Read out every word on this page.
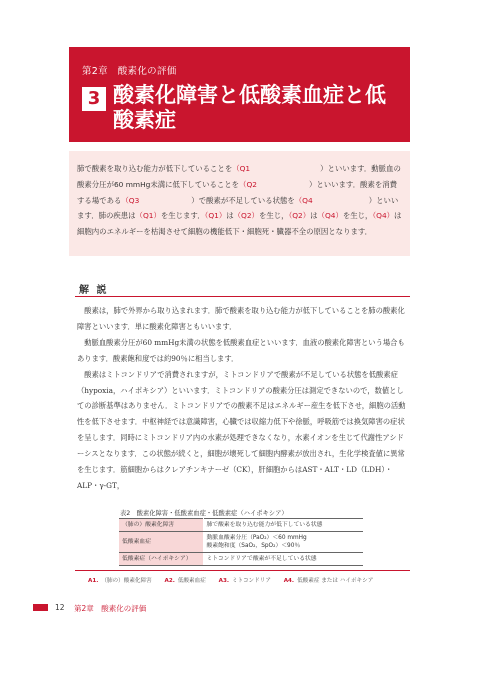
第2章　酸素化の評価
3 酸素化障害と低酸素血症と低酸素症
肺で酸素を取り込む能力が低下していることを（Q1	）といいます．動脈血の酸素分圧が60 mmHg未満に低下していることを（Q2	）といいます．酸素を消費する場である（Q3	）で酸素が不足している状態を（Q4	）といいます．肺の疾患は（Q1）を生じます．（Q1）は（Q2）を生じ，（Q2）は（Q4）を生じ，（Q4）は細胞内のエネルギーを枯渇させて細胞の機能低下・細胞死・臓器不全の原因となります．
解 説

酸素は，肺で外界から取り込まれます．肺で酸素を取り込む能力が低下していることを肺の酸素化障害といいます．単に酸素化障害ともいいます．

動脈血酸素分圧が60 mmHg未満の状態を低酸素血症といいます．血液の酸素化障害という場合もあります．酸素飽和度では約90％に相当します．

酸素はミトコンドリアで消費されますが，ミトコンドリアで酸素が不足している状態を低酸素症（hypoxia，ハイポキシア）といいます．ミトコンドリアの酸素分圧は測定できないので，数値としての診断基準はありません．ミトコンドリアでの酸素不足はエネルギー産生を低下させ，細胞の活動性を低下させます．中枢神経では意識障害，心臓では収縮力低下や徐脈，呼吸筋では換気障害の症状を呈します．同時にミトコンドリア内の水素が処理できなくなり，水素イオンを生じて代謝性アシドーシスとなります．この状態が続くと，細胞が壊死して細胞内酵素が放出され，生化学検査値に異常を生じます．筋細胞からはクレアチンキナーゼ（CK），肝細胞からはAST・ALT・LD（LDH）・ALP・γ-GT，

表2　酸素化障害・低酸素血症・低酸素症（ハイポキシア）
（肺の）酸素化障害	肺で酸素を取り込む能力が低下している状態
低酸素血症	動脈血酸素分圧（PaO₂）＜60 mmHg
酸素飽和度（SaO₂，SpO₂）＜90％

低酸素症（ハイポキシア）	ミトコンドリアで酸素が不足している状態
A1. （肺の）酸素化障害 A2. 低酸素血症 A3. ミトコンドリア A4. 低酸素症 または ハイポキシア
12 第2章　酸素化の評価
